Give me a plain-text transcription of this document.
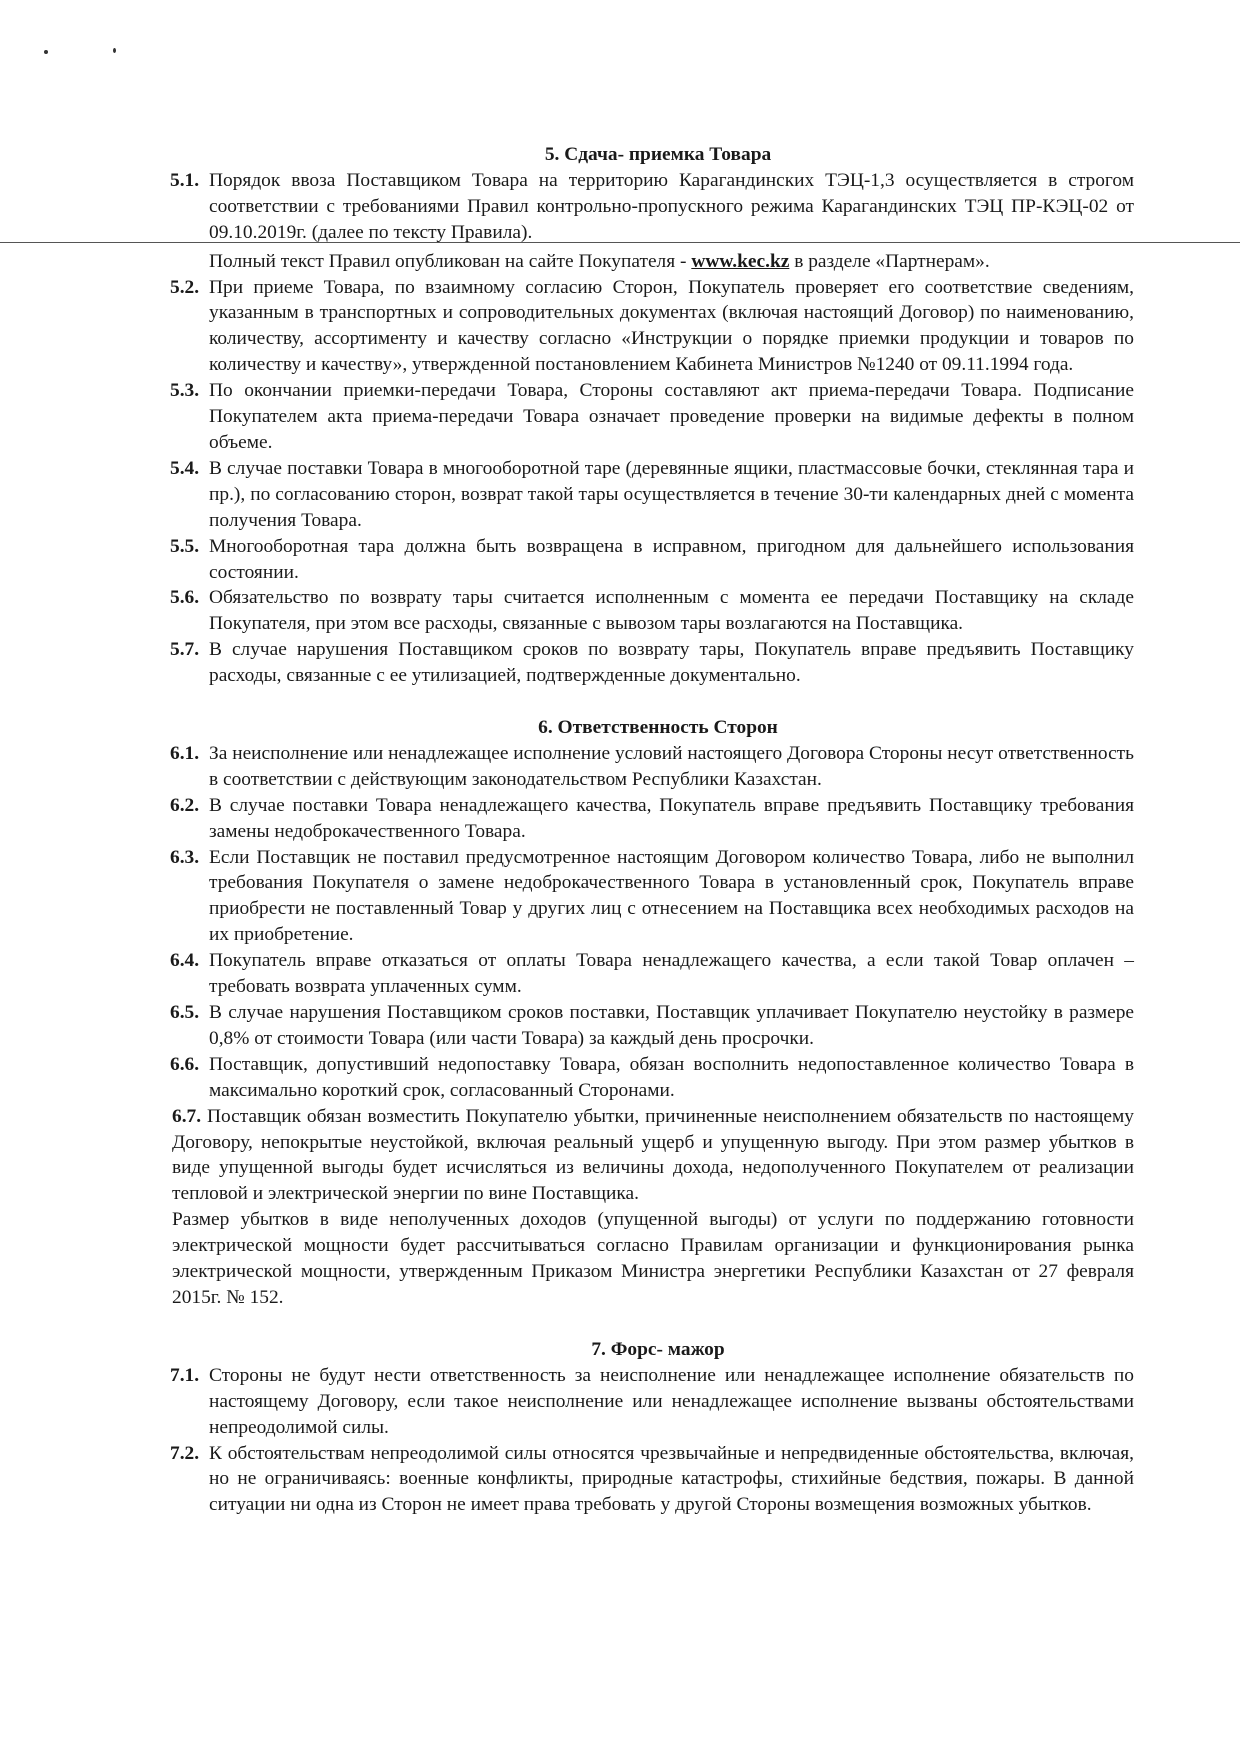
5. Сдача- приемка Товара

5.1. Порядок ввоза Поставщиком Товара на территорию Карагандинских ТЭЦ-1,3 осуществляется в строгом соответствии с требованиями Правил контрольно-пропускного режима Карагандинских ТЭЦ ПР-КЭЦ-02 от 09.10.2019г. (далее по тексту Правила).
Полный текст Правил опубликован на сайте Покупателя - www.kec.kz в разделе «Партнерам».
5.2. При приеме Товара, по взаимному согласию Сторон, Покупатель проверяет его соответствие сведениям, указанным в транспортных и сопроводительных документах (включая настоящий Договор) по наименованию, количеству, ассортименту и качеству согласно «Инструкции о порядке приемки продукции и товаров по количеству и качеству», утвержденной постановлением Кабинета Министров №1240 от 09.11.1994 года.
5.3. По окончании приемки-передачи Товара, Стороны составляют акт приема-передачи Товара. Подписание Покупателем акта приема-передачи Товара означает проведение проверки на видимые дефекты в полном объеме.
5.4. В случае поставки Товара в многооборотной таре (деревянные ящики, пластмассовые бочки, стеклянная тара и пр.), по согласованию сторон, возврат такой тары осуществляется в течение 30-ти календарных дней с момента получения Товара.
5.5. Многооборотная тара должна быть возвращена в исправном, пригодном для дальнейшего использования состоянии.
5.6. Обязательство по возврату тары считается исполненным с момента ее передачи Поставщику на складе Покупателя, при этом все расходы, связанные с вывозом тары возлагаются на Поставщика.
5.7. В случае нарушения Поставщиком сроков по возврату тары, Покупатель вправе предъявить Поставщику расходы, связанные с ее утилизацией, подтвержденные документально.

6. Ответственность Сторон

6.1. За неисполнение или ненадлежащее исполнение условий настоящего Договора Стороны несут ответственность в соответствии с действующим законодательством Республики Казахстан.
6.2. В случае поставки Товара ненадлежащего качества, Покупатель вправе предъявить Поставщику требования замены недоброкачественного Товара.
6.3. Если Поставщик не поставил предусмотренное настоящим Договором количество Товара, либо не выполнил требования Покупателя о замене недоброкачественного Товара в установленный срок, Покупатель вправе приобрести не поставленный Товар у других лиц с отнесением на Поставщика всех необходимых расходов на их приобретение.
6.4. Покупатель вправе отказаться от оплаты Товара ненадлежащего качества, а если такой Товар оплачен – требовать возврата уплаченных сумм.
6.5. В случае нарушения Поставщиком сроков поставки, Поставщик уплачивает Покупателю неустойку в размере 0,8% от стоимости Товара (или части Товара) за каждый день просрочки.
6.6. Поставщик, допустивший недопоставку Товара, обязан восполнить недопоставленное количество Товара в максимально короткий срок, согласованный Сторонами.

6.7. Поставщик обязан возместить Покупателю убытки, причиненные неисполнением обязательств по настоящему Договору, непокрытые неустойкой, включая реальный ущерб и упущенную выгоду. При этом размер убытков в виде упущенной выгоды будет исчисляться из величины дохода, недополученного Покупателем от реализации тепловой и электрической энергии по вине Поставщика.

Размер убытков в виде неполученных доходов (упущенной выгоды) от услуги по поддержанию готовности электрической мощности будет рассчитываться согласно Правилам организации и функционирования рынка электрической мощности, утвержденным Приказом Министра энергетики Республики Казахстан от 27 февраля 2015г. № 152.

7. Форс- мажор

7.1. Стороны не будут нести ответственность за неисполнение или ненадлежащее исполнение обязательств по настоящему Договору, если такое неисполнение или ненадлежащее исполнение вызваны обстоятельствами непреодолимой силы.
7.2. К обстоятельствам непреодолимой силы относятся чрезвычайные и непредвиденные обстоятельства, включая, но не ограничиваясь: военные конфликты, природные катастрофы, стихийные бедствия, пожары. В данной ситуации ни одна из Сторон не имеет права требовать у другой Стороны возмещения возможных убытков.
